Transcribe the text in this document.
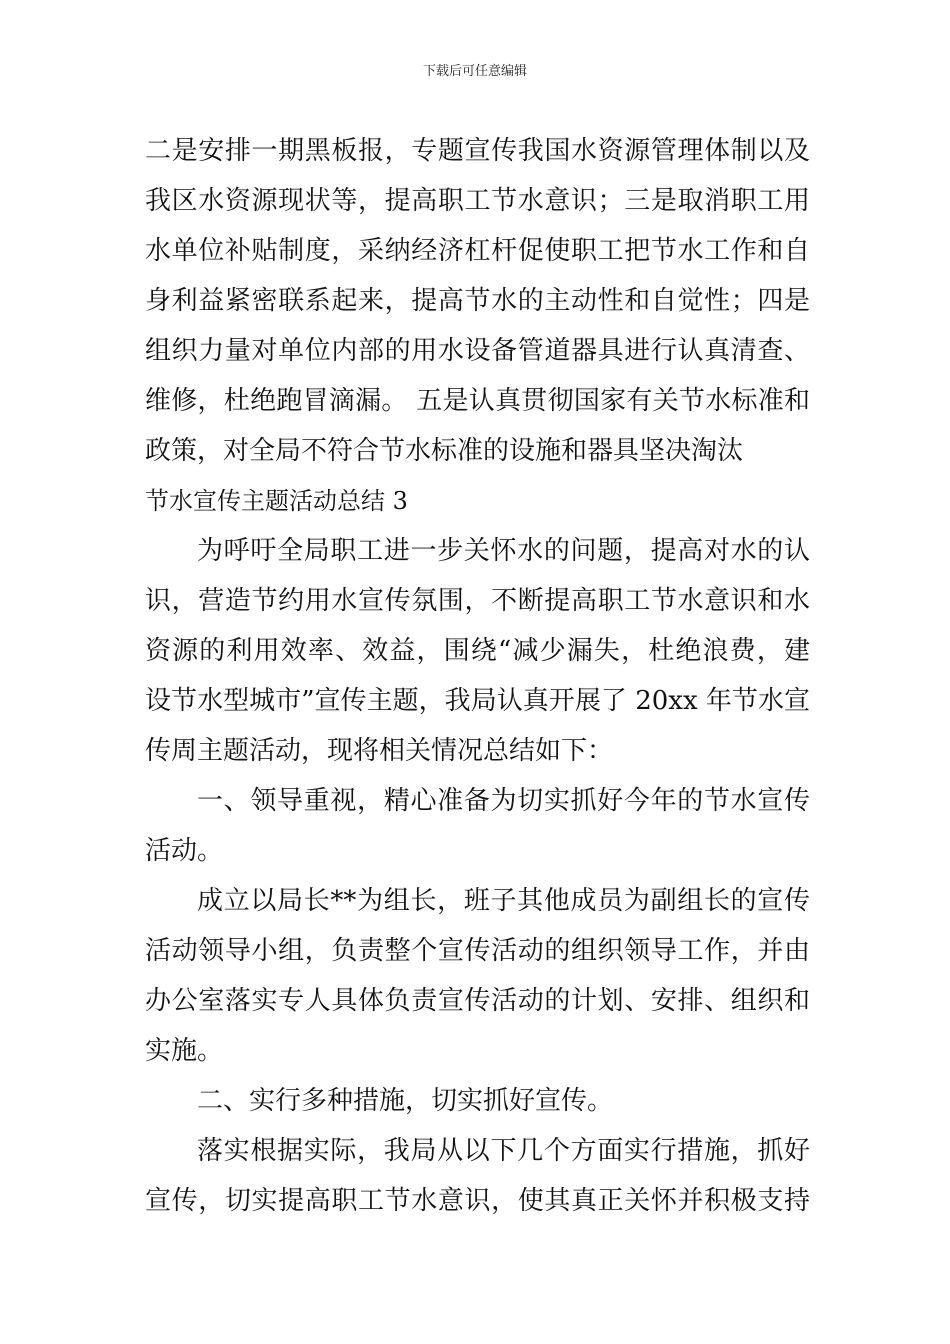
下载后可任意编辑
二是安排一期黑板报，专题宣传我国水资源管理体制以及
我区水资源现状等，提高职工节水意识；三是取消职工用
水单位补贴制度，采纳经济杠杆促使职工把节水工作和自
身利益紧密联系起来，提高节水的主动性和自觉性；四是
组织力量对单位内部的用水设备管道器具进行认真清查、
维修，杜绝跑冒滴漏。 五是认真贯彻国家有关节水标准和
政策，对全局不符合节水标准的设施和器具坚决淘汰
节水宣传主题活动总结 3
为呼吁全局职工进一步关怀水的问题，提高对水的认
识，营造节约用水宣传氛围，不断提高职工节水意识和水
资源的利用效率、效益，围绕“减少漏失，杜绝浪费，建
设节水型城市”宣传主题，我局认真开展了 20xx 年节水宣
传周主题活动，现将相关情况总结如下：
一、领导重视，精心准备为切实抓好今年的节水宣传
活动。
成立以局长**为组长，班子其他成员为副组长的宣传
活动领导小组，负责整个宣传活动的组织领导工作，并由
办公室落实专人具体负责宣传活动的计划、安排、组织和
实施。
二、实行多种措施，切实抓好宣传。
落实根据实际，我局从以下几个方面实行措施，抓好
宣传，切实提高职工节水意识，使其真正关怀并积极支持
